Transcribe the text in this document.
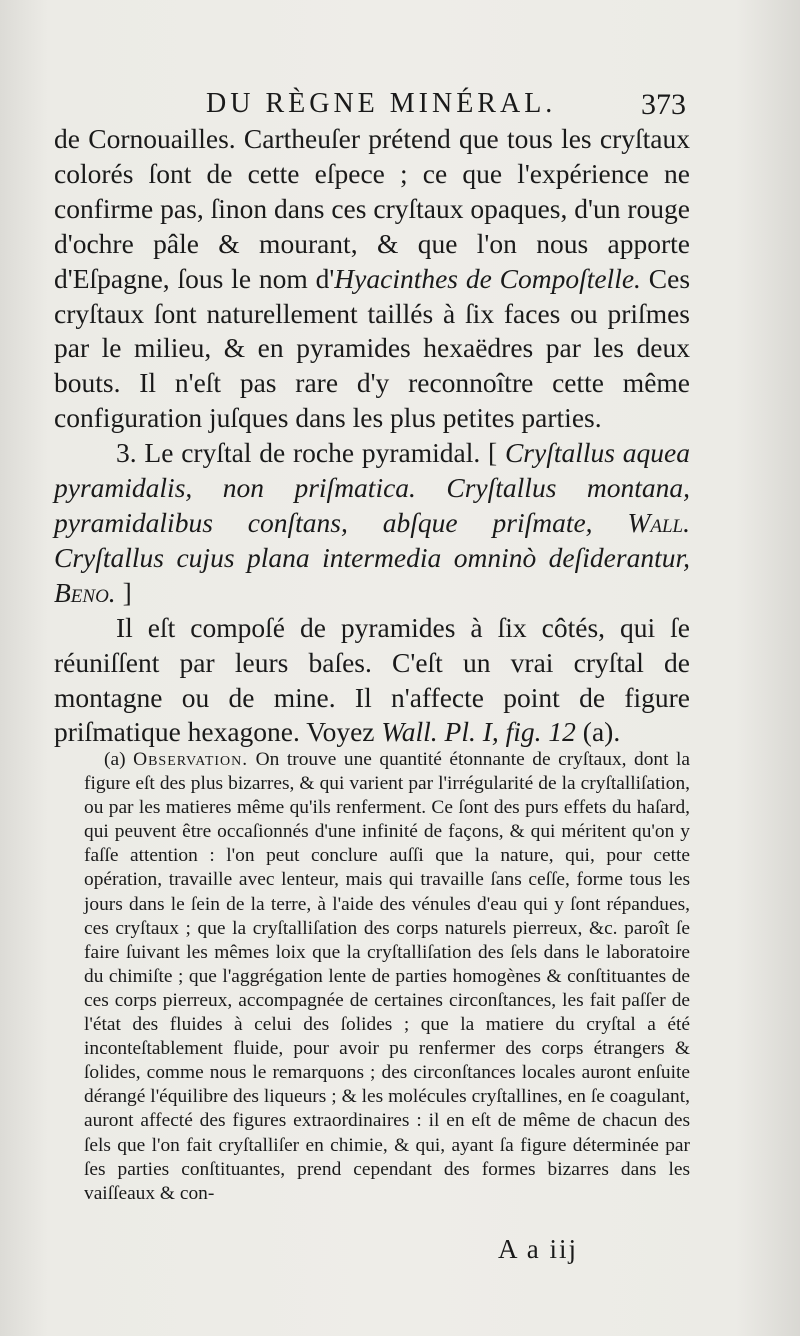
DU RÈGNE MINÉRAL.	373

de Cornouailles. Cartheuſer prétend que tous les cryſtaux colorés ſont de cette eſpece ; ce que l'expérience ne confirme pas, ſinon dans ces cryſtaux opaques, d'un rouge d'ochre pâle & mourant, & que l'on nous apporte d'Eſpagne, ſous le nom d'Hyacinthes de Compoſtelle. Ces cryſtaux ſont naturellement taillés à ſix faces ou priſmes par le milieu, & en pyramides hexaëdres par les deux bouts. Il n'eſt pas rare d'y reconnoître cette même configuration juſques dans les plus petites parties.

3. Le cryſtal de roche pyramidal. [ Cryſtallus aquea pyramidalis, non priſmatica. Cryſtallus montana, pyramidalibus conſtans, abſque priſmate, Wall. Cryſtallus cujus plana intermedia omninò deſiderantur, Beno. ]

Il eſt compoſé de pyramides à ſix côtés, qui ſe réuniſſent par leurs baſes. C'eſt un vrai cryſtal de montagne ou de mine. Il n'affecte point de figure priſmatique hexagone. Voyez Wall. Pl. I, fig. 12 (a).

(a) Observation. On trouve une quantité étonnante de cryſtaux, dont la figure eſt des plus bizarres, & qui varient par l'irrégularité de la cryſtalliſation, ou par les matieres même qu'ils renferment. Ce ſont des purs effets du haſard, qui peuvent être occaſionnés d'une infinité de façons, & qui méritent qu'on y faſſe attention : l'on peut conclure auſſi que la nature, qui, pour cette opération, travaille avec lenteur, mais qui travaille ſans ceſſe, forme tous les jours dans le ſein de la terre, à l'aide des vénules d'eau qui y ſont répandues, ces cryſtaux ; que la cryſtalliſation des corps naturels pierreux, &c. paroît ſe faire ſuivant les mêmes loix que la cryſtalliſation des ſels dans le laboratoire du chimiſte ; que l'aggrégation lente de parties homogènes & conſtituantes de ces corps pierreux, accompagnée de certaines circonſtances, les fait paſſer de l'état des fluides à celui des ſolides ; que la matiere du cryſtal a été inconteſtablement fluide, pour avoir pu renfermer des corps étrangers & ſolides, comme nous le remarquons ; des circonſtances locales auront enſuite dérangé l'équilibre des liqueurs ; & les molécules cryſtallines, en ſe coagulant, auront affecté des figures extraordinaires : il en eſt de même de chacun des ſels que l'on fait cryſtalliſer en chimie, & qui, ayant ſa figure déterminée par ſes parties conſtituantes, prend cependant des formes bizarres dans les vaiſſeaux & con-

A a iij
